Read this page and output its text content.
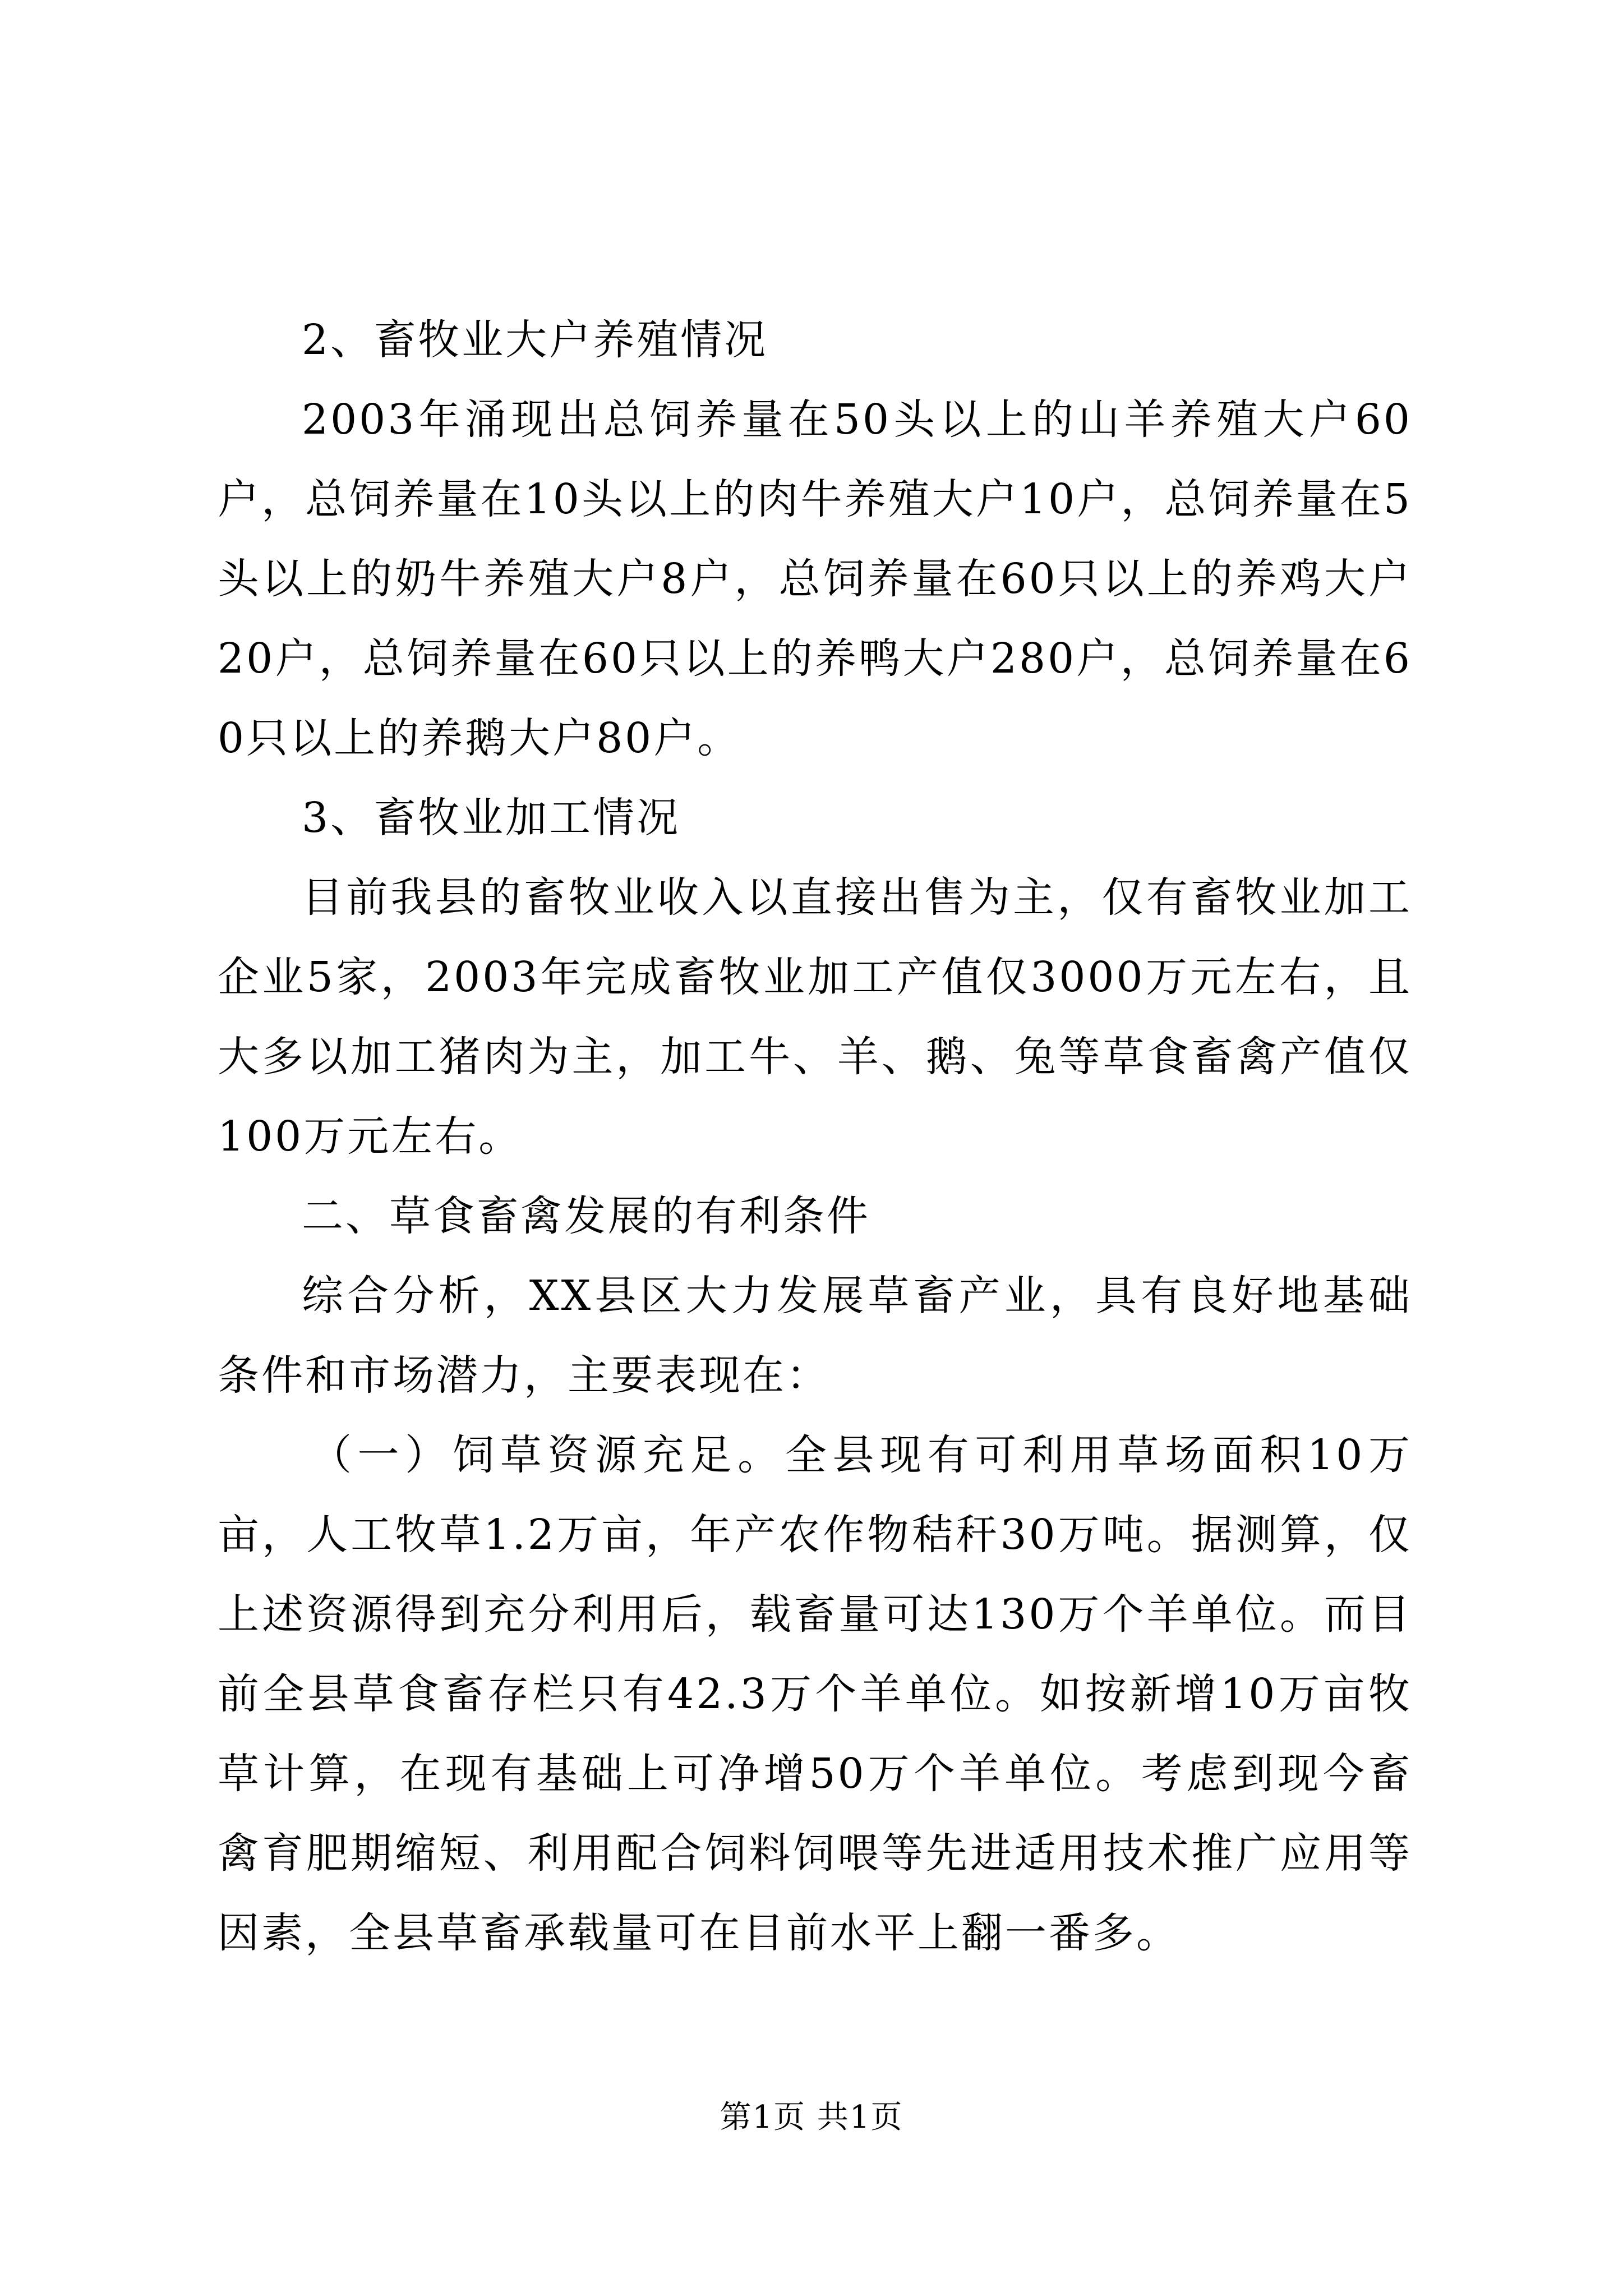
2、畜牧业大户养殖情况

2003年涌现出总饲养量在50头以上的山羊养殖大户60户，总饲养量在10头以上的肉牛养殖大户10户，总饲养量在5头以上的奶牛养殖大户8户，总饲养量在60只以上的养鸡大户20户，总饲养量在60只以上的养鸭大户280户，总饲养量在60只以上的养鹅大户80户。

3、畜牧业加工情况

目前我县的畜牧业收入以直接出售为主，仅有畜牧业加工企业5家，2003年完成畜牧业加工产值仅3000万元左右，且大多以加工猪肉为主，加工牛、羊、鹅、兔等草食畜禽产值仅100万元左右。

二、草食畜禽发展的有利条件

综合分析，XX县区大力发展草畜产业，具有良好地基础条件和市场潜力，主要表现在：

（一）饲草资源充足。全县现有可利用草场面积10万亩，人工牧草1.2万亩，年产农作物秸秆30万吨。据测算，仅上述资源得到充分利用后，载畜量可达130万个羊单位。而目前全县草食畜存栏只有42.3万个羊单位。如按新增10万亩牧草计算，在现有基础上可净增50万个羊单位。考虑到现今畜禽育肥期缩短、利用配合饲料饲喂等先进适用技术推广应用等因素，全县草畜承载量可在目前水平上翻一番多。

第1页 共1页
